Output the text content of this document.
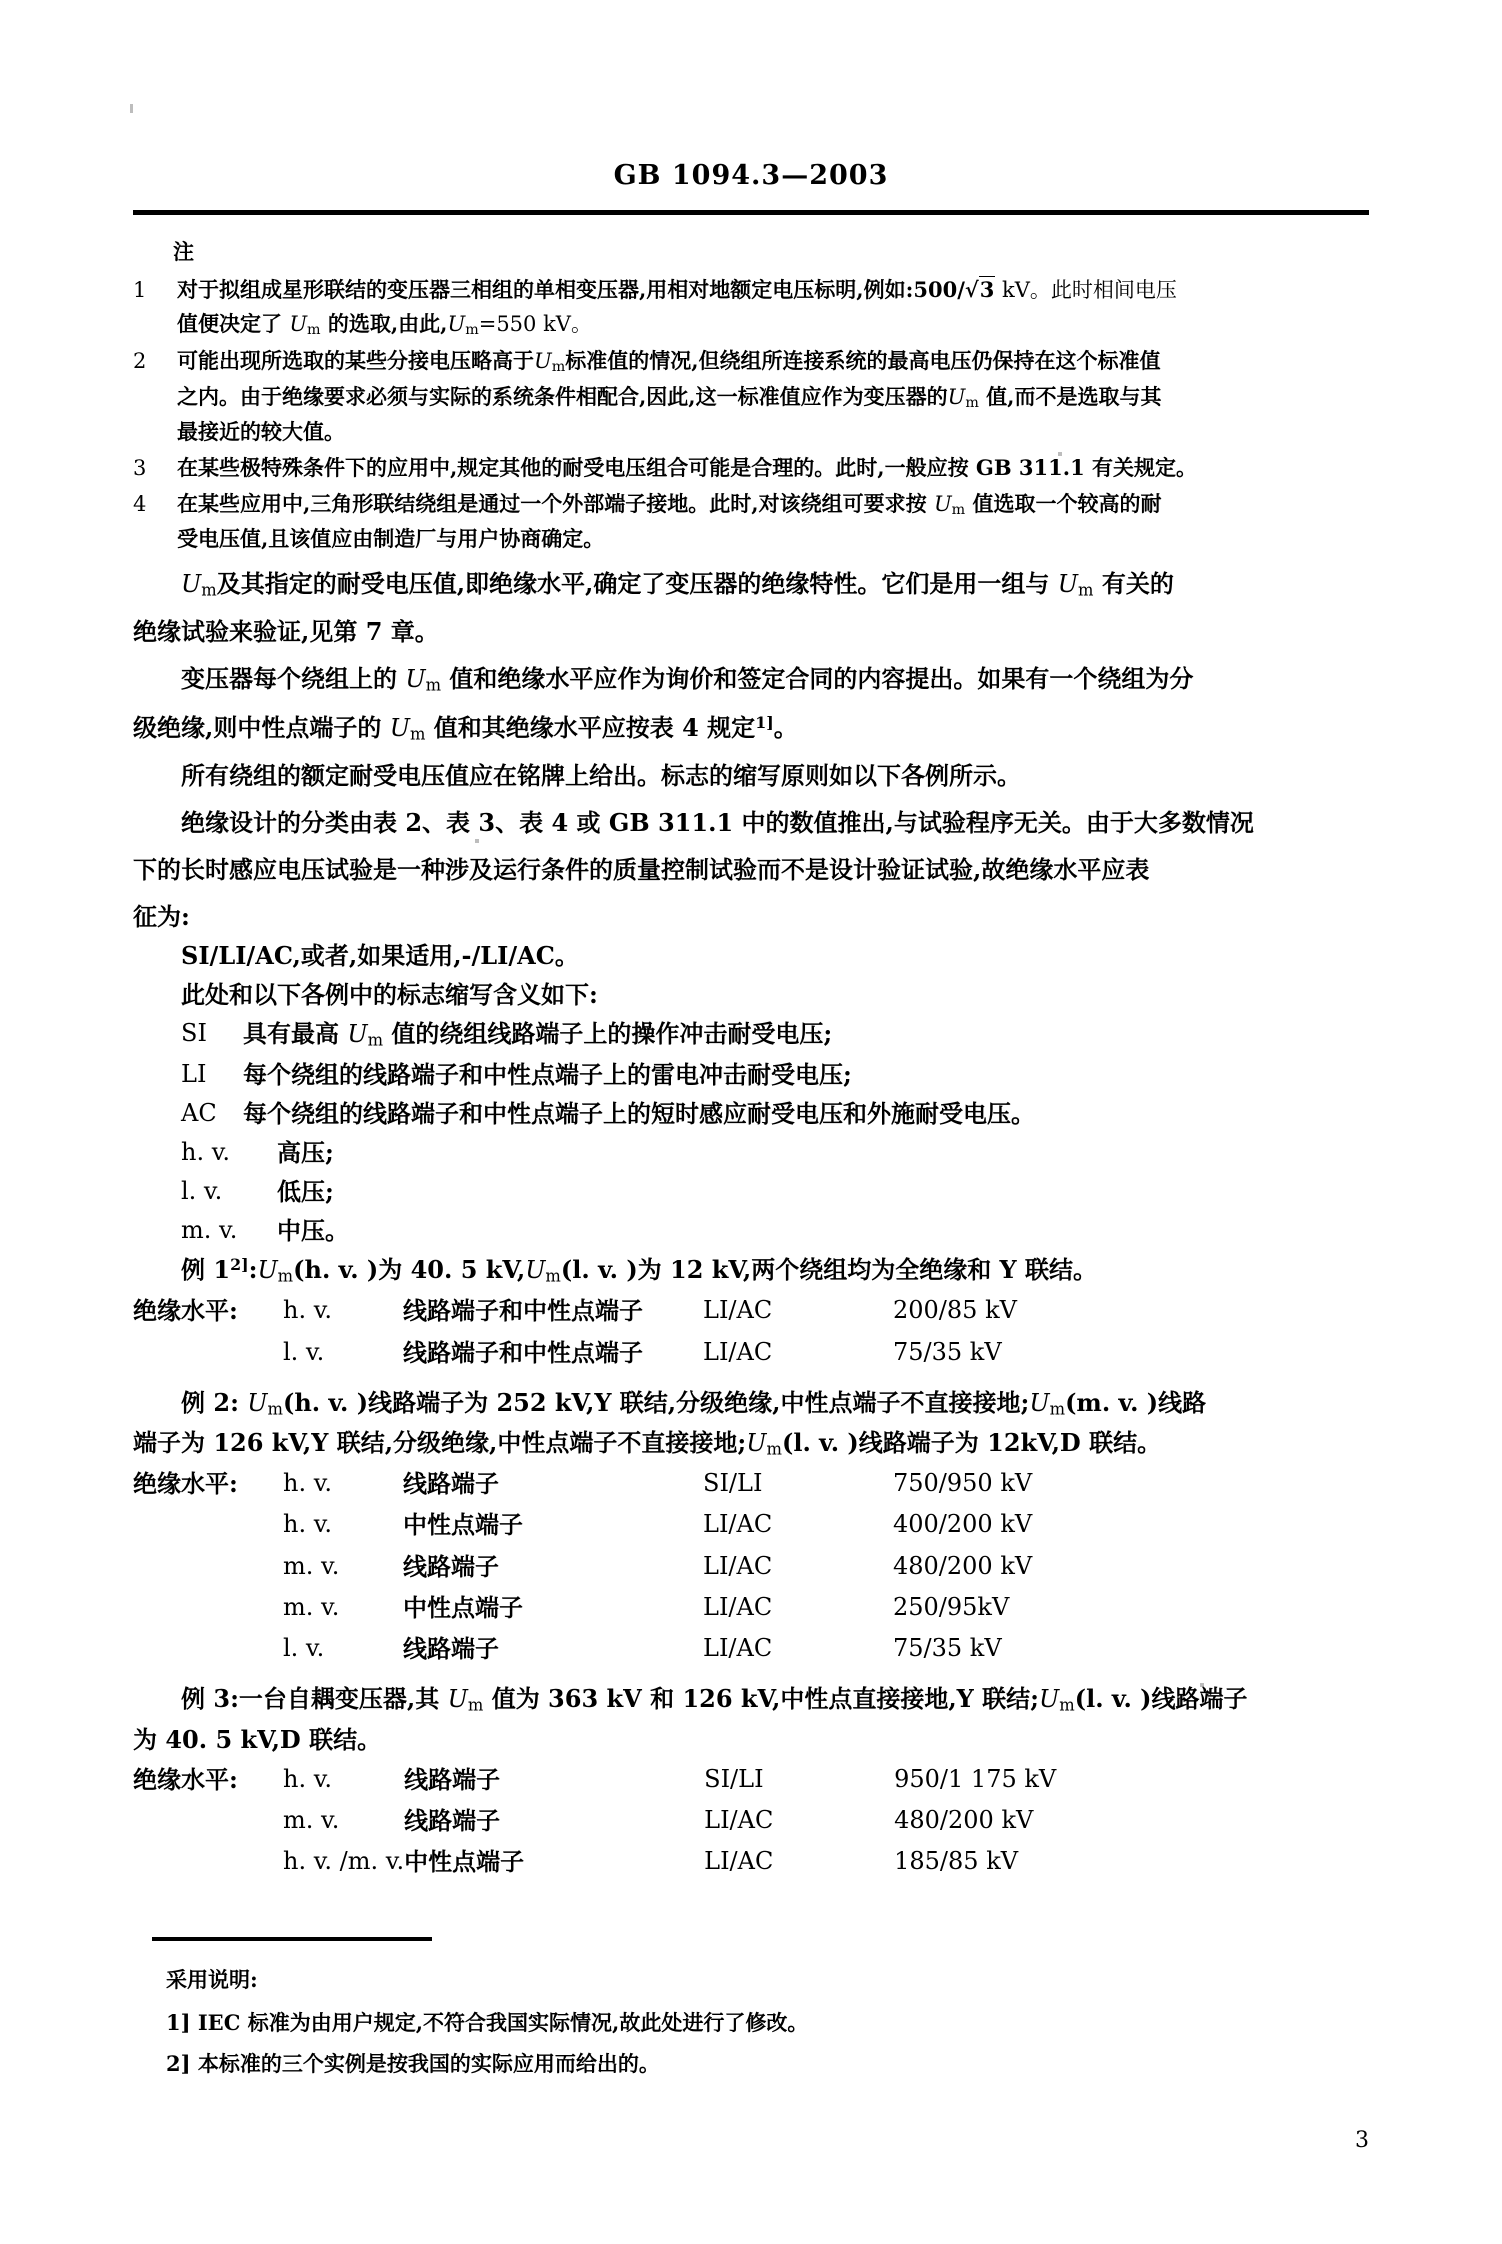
GB 1094.3—2003
注
1	对于拟组成星形联结的变压器三相组的单相变压器,用相对地额定电压标明,例如:500/√3 kV。此时相间电压
值便决定了 $U_m$ 的选取,由此$,U_m=550$ kV。
2	可能出现所选取的某些分接电压略高于$U_m$标准值的情况,但绕组所连接系统的最高电压仍保持在这个标准值
之内。由于绝缘要求必须与实际的系统条件相配合,因此,这一标准值应作为变压器的$U_m$ 值,而不是选取与其
最接近的较大值。
3	在某些极特殊条件下的应用中,规定其他的耐受电压组合可能是合理的。此时,一般应按 GB 311.1 有关规定。
4	在某些应用中,三角形联结绕组是通过一个外部端子接地。此时,对该绕组可要求按 $U_m$ 值选取一个较高的耐
受电压值,且该值应由制造厂与用户协商确定。
$U_m$及其指定的耐受电压值,即绝缘水平,确定了变压器的绝缘特性。它们是用一组与 $U_m$ 有关的
绝缘试验来验证,见第 7 章。
变压器每个绕组上的 $U_m$ 值和绝缘水平应作为询价和签定合同的内容提出。如果有一个绕组为分
级绝缘,则中性点端子的 $U_m$ 值和其绝缘水平应按表 4 规定$^{1]}$。
所有绕组的额定耐受电压值应在铭牌上给出。标志的缩写原则如以下各例所示。
绝缘设计的分类由表 2、表 3、表 4 或 GB 311.1 中的数值推出,与试验程序无关。由于大多数情况
下的长时感应电压试验是一种涉及运行条件的质量控制试验而不是设计验证试验,故绝缘水平应表
征为:
SI/LI/AC,或者,如果适用,-/LI/AC。
此处和以下各例中的标志缩写含义如下:
SI	具有最高 $U_m$ 值的绕组线路端子上的操作冲击耐受电压;
LI	每个绕组的线路端子和中性点端子上的雷电冲击耐受电压;
AC	每个绕组的线路端子和中性点端子上的短时感应耐受电压和外施耐受电压。
h. v.	高压;
l. v.	低压;
m. v.	中压。
例 $1^{2]}:U_m(h$. v. )为 40. 5 $kV,U_m(l$. v. )为 12 kV,两个绕组均为全绝缘和 Y 联结。
绝缘水平:	h. v.	线路端子和中性点端子	LI/AC	200/85 kV
	l. v.	线路端子和中性点端子	LI/AC	75/35 kV
例 2: $U_m(h$. v. )线路端子为 252 kV,Y 联结,分级绝缘,中性点端子不直接接地$;U_m(m$. v. )线路
端子为 126 kV,Y 联结,分级绝缘,中性点端子不直接接地$;U_m(l$. v. )线路端子为 12kV,D 联结。
绝缘水平:	h. v.	线路端子	SI/LI	750/950 kV
	h. v.	中性点端子	LI/AC	400/200 kV
	m. v.	线路端子	LI/AC	480/200 kV
	m. v.	中性点端子	LI/AC	250/95kV
	l. v.	线路端子	LI/AC	75/35 kV
例 3:一台自耦变压器,其 $U_m$ 值为 363 kV 和 126 kV,中性点直接接地,Y 联结$;U_m(l$. v. )线路端子
为 40. 5 kV,D 联结。
绝缘水平:	h. v.	线路端子	SI/LI	950/1 175 kV
	m. v.	线路端子	LI/AC	480/200 kV
	h. v. /m. v.	中性点端子	LI/AC	185/85 kV
采用说明:
1] IEC 标准为由用户规定,不符合我国实际情况,故此处进行了修改。
2] 本标准的三个实例是按我国的实际应用而给出的。
3
